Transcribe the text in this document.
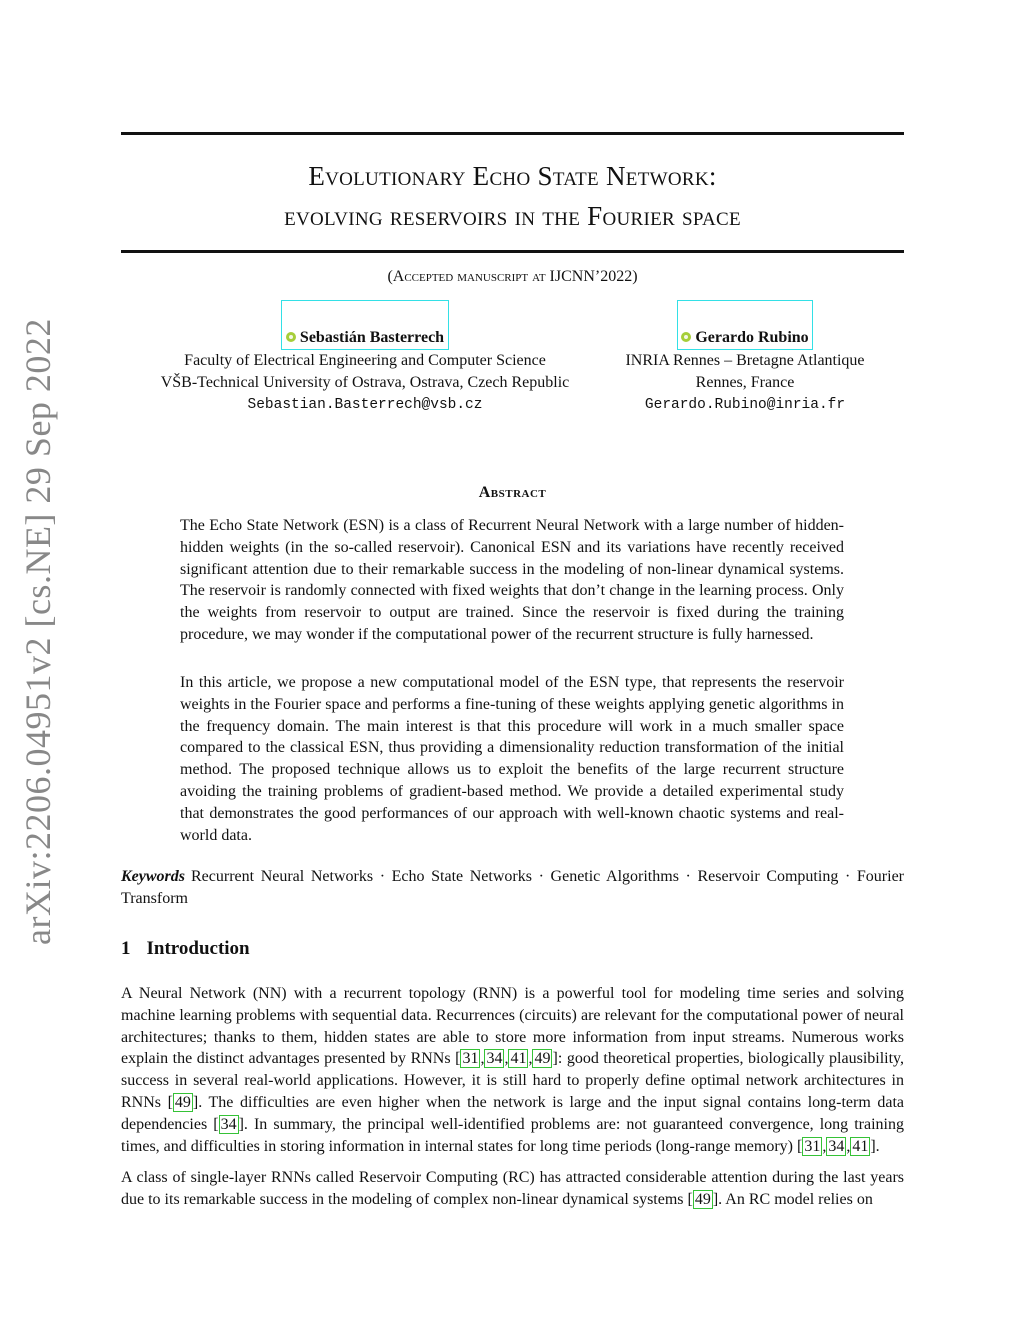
arXiv:2206.04951v2 [cs.NE] 29 Sep 2022
Evolutionary Echo State Network:
evolving reservoirs in the Fourier space
(Accepted manuscript at IJCNN’2022)
Sebastián Basterrech
Faculty of Electrical Engineering and Computer Science
VŠB-Technical University of Ostrava, Ostrava, Czech Republic
Sebastian.Basterrech@vsb.cz
Gerardo Rubino
INRIA Rennes – Bretagne Atlantique
Rennes, France
Gerardo.Rubino@inria.fr
Abstract

The Echo State Network (ESN) is a class of Recurrent Neural Network with a large number of hidden-hidden weights (in the so-called reservoir). Canonical ESN and its variations have recently received significant attention due to their remarkable success in the modeling of non-linear dynamical systems. The reservoir is randomly connected with fixed weights that don’t change in the learning process. Only the weights from reservoir to output are trained. Since the reservoir is fixed during the training procedure, we may wonder if the computational power of the recurrent structure is fully harnessed.

In this article, we propose a new computational model of the ESN type, that represents the reservoir weights in the Fourier space and performs a fine-tuning of these weights applying genetic algorithms in the frequency domain. The main interest is that this procedure will work in a much smaller space compared to the classical ESN, thus providing a dimensionality reduction transformation of the initial method. The proposed technique allows us to exploit the benefits of the large recurrent structure avoiding the training problems of gradient-based method. We provide a detailed experimental study that demonstrates the good performances of our approach with well-known chaotic systems and real-world data.

Keywords Recurrent Neural Networks · Echo State Networks · Genetic Algorithms · Reservoir Computing · Fourier Transform
1 Introduction

A Neural Network (NN) with a recurrent topology (RNN) is a powerful tool for modeling time series and solving machine learning problems with sequential data. Recurrences (circuits) are relevant for the computational power of neural architectures; thanks to them, hidden states are able to store more information from input streams. Numerous works explain the distinct advantages presented by RNNs [ 31 , 34 , 41 , 49 ]: good theoretical properties, biologically plausibility, success in several real-world applications. However, it is still hard to properly define optimal network architectures in RNNs [ 49 ]. The difficulties are even higher when the network is large and the input signal contains long-term data dependencies [ 34 ]. In summary, the principal well-identified problems are: not guaranteed convergence, long training times, and difficulties in storing information in internal states for long time periods (long-range memory) [ 31 , 34 , 41 ].

A class of single-layer RNNs called Reservoir Computing (RC) has attracted considerable attention during the last years due to its remarkable success in the modeling of complex non-linear dynamical systems [ 49 ]. An RC model relies on
